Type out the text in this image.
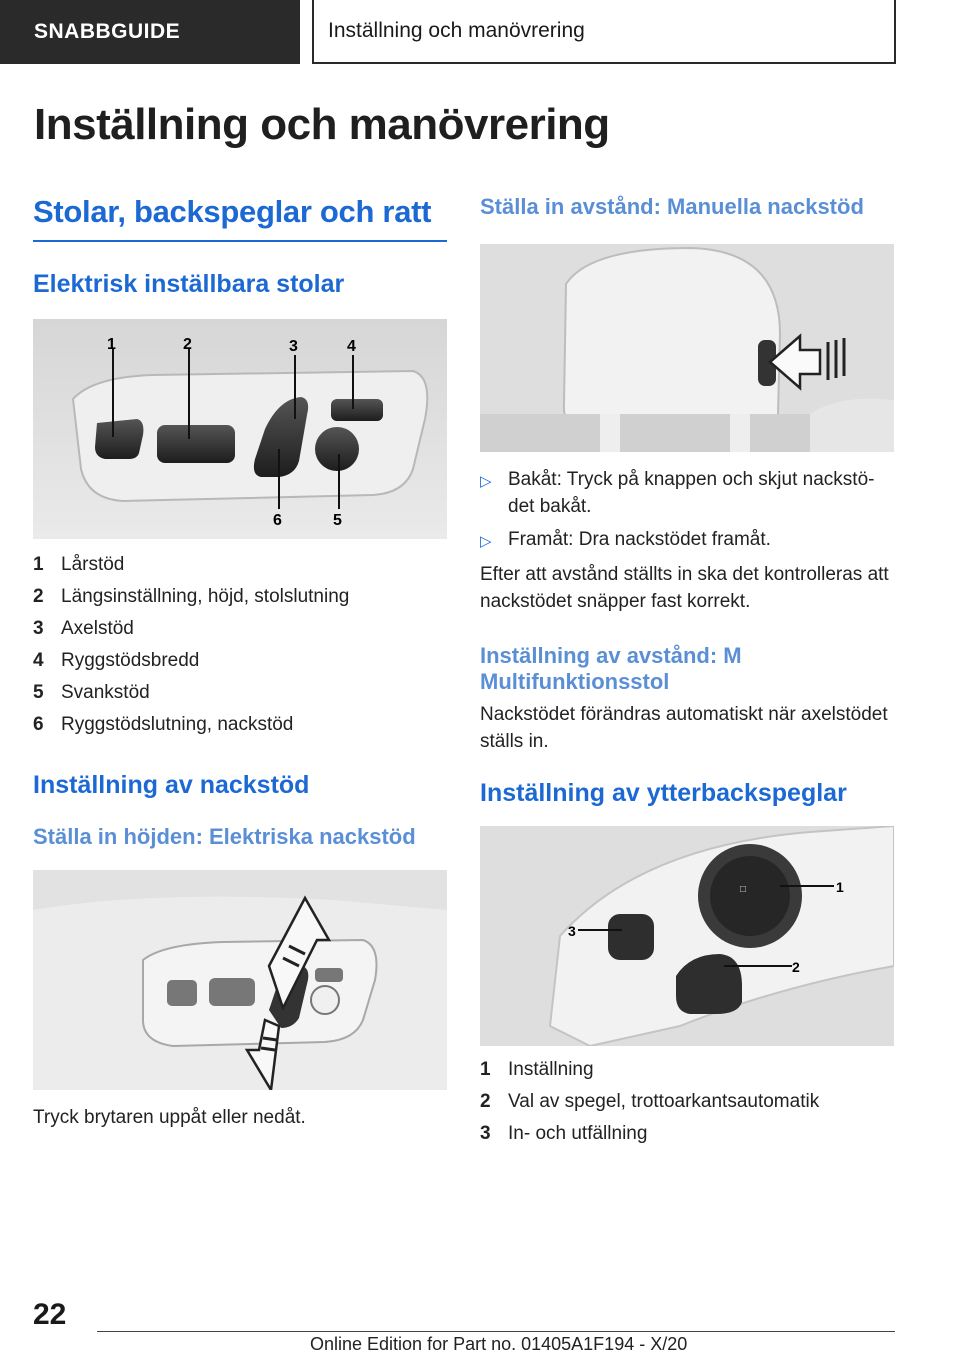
SNABBGUIDE	Inställning och manövrering
Inställning och manövrering
Stolar, backspeglar och ratt
Elektrisk inställbara stolar
1	2	3	4
5
6
1 Lårstöd
2 Längsinställning, höjd, stolslutning
3 Axelstöd
4 Ryggstödsbredd
5 Svankstöd
6 Ryggstödslutning, nackstöd
Inställning av nackstöd
Ställa in höjden: Elektriska nackstöd

Tryck brytaren uppåt eller nedåt.

Ställa in avstånd: Manuella nackstöd
▷ Bakåt: Tryck på knappen och skjut nackstö-
det bakåt.
▷ Framåt: Dra nackstödet framåt.

Efter att avstånd ställts in ska det kontrolleras att nackstödet snäpper fast korrekt.

Inställning av avstånd: M Multifunktionsstol

Nackstödet förändras automatiskt när axelstödet ställs in.

Inställning av ytterbackspeglar
□	1
2
3
1 Inställning
2 Val av spegel, trottoarkantsautomatik
3 In- och utfällning
22
Online Edition for Part no. 01405A1F194 - X/20
